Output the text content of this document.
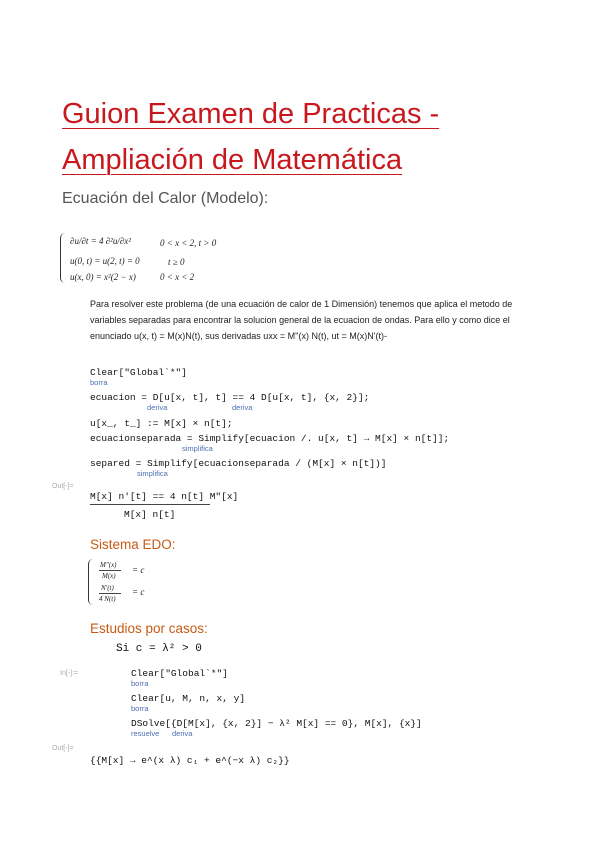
Guion Examen de Practicas -
Ampliación de Matemática
Ecuación del Calor (Modelo):
∂u/∂t = 4 ∂²u/∂x²	0 < x < 2, t > 0
u(0, t) = u(2, t) = 0	t ≥ 0
u(x, 0) = x²(2 − x)	0 < x < 2
Para resolver este problema (de una ecuación de calor de 1 Dimensión) tenemos que aplica el metodo de variables separadas para encontrar la solucion general de la ecuacion de ondas. Para ello y como dice el enunciado u(x, t) = M(x)N(t), sus derivadas uxx = M''(x) N(t), ut = M(x)N'(t)-
Clear["Global`*"]
borra
ecuacion = D[u[x, t], t] == 4 D[u[x, t], {x, 2}];
deriva	deriva
u[x_, t_] := M[x] × n[t];
ecuacionseparada = Simplify[ecuacion /. u[x, t] → M[x] × n[t]];
simplifica
separed = Simplify[ecuacionseparada / (M[x] × n[t])]
simplifica
Out[-]=
M[x] n′[t] == 4 n[t] M″[x]
M[x] n[t]
Sistema EDO:
M″(x)
M(x)
= c
N′(t)
4 N(t)
= c
Estudios por casos:
Si c = λ² > 0
In[-]:=	Clear["Global`*"]
borra
Clear[u, M, n, x, y]
borra
DSolve[{D[M[x], {x, 2}] − λ² M[x] == 0}, M[x], {x}]
resuelve deriva
Out[-]=
{{M[x] → e^(x λ) c₁ + e^(−x λ) c₂}}
